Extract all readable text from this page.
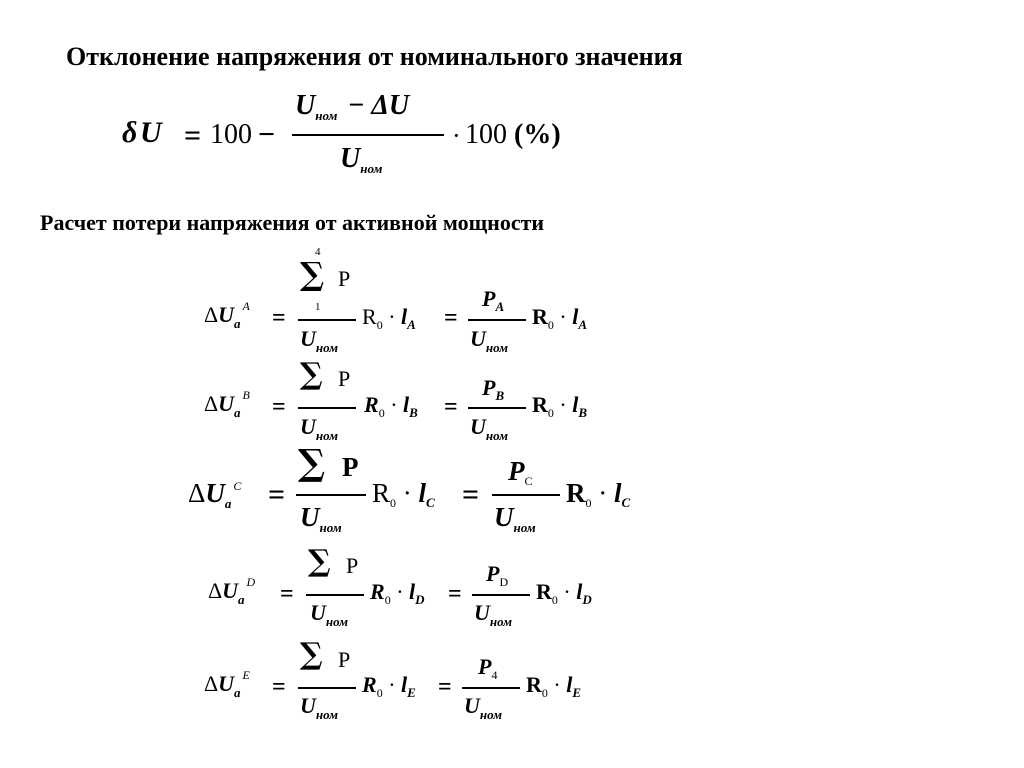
Отклонение напряжения от номинального значения
δ U = 100 −
$U_{ном} - \Delta U$
$U_{ном}$
· 100 (%)
Расчет потери напряжения от активной мощности
$\Delta U_a^A$ =
4
∑ P
1
$U_{ном}$
$R_0 \cdot l_A$ =
$P_A$
$U_{ном}$
$R_0 \cdot l_A$
$\Delta U_a^B$ =
∑ P
$U_{ном}$
$R_0 \cdot l_B$ =
$P_B$
$U_{ном}$
$R_0 \cdot l_B$
$\Delta U_a^C$ =
∑ P
$U_{ном}$
R0 · lC =
PC
$U_{ном}$
R0 · lC
$\Delta U_a^D$ =
∑ P
$U_{ном}$
$R_0 \cdot l_D$ =
$P_D$
$U_{ном}$
$R_0 \cdot l_D$
$\Delta U_a^E$ =
∑ P
$U_{ном}$
$R_0 \cdot l_E$ =
$P_4$
$U_{ном}$
$R_0 \cdot l_E$
